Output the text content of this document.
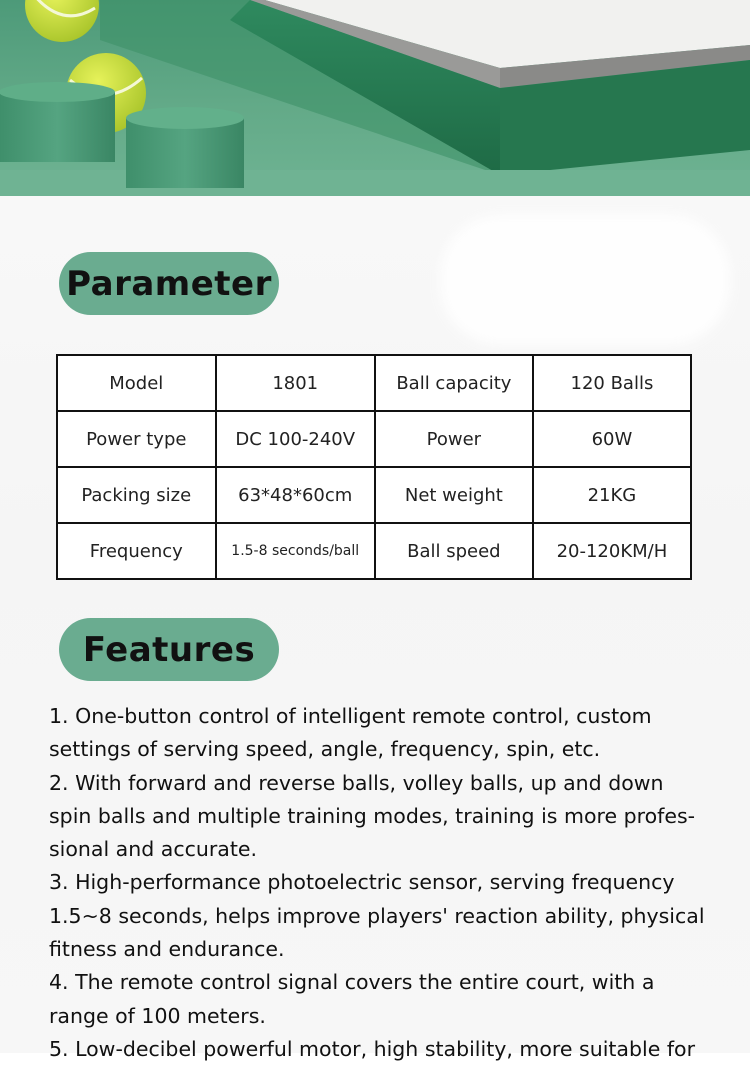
Parameter
Model	1801	Ball capacity	120 Balls
Power type	DC 100-240V	Power	60W
Packing size	63*48*60cm	Net weight	21KG
Frequency	1.5-8 seconds/ball	Ball speed	20-120KM/H
Features

1. One-button control of intelligent remote control, custom

settings of serving speed, angle, frequency, spin, etc.

2. With forward and reverse balls, volley balls, up and down

spin balls and multiple training modes, training is more profes-

sional and accurate.

3. High-performance photoelectric sensor, serving frequency

1.5~8 seconds, helps improve players' reaction ability, physical

fitness and endurance.

4. The remote control signal covers the entire court, with a

range of 100 meters.

5. Low-decibel powerful motor, high stability, more suitable for
